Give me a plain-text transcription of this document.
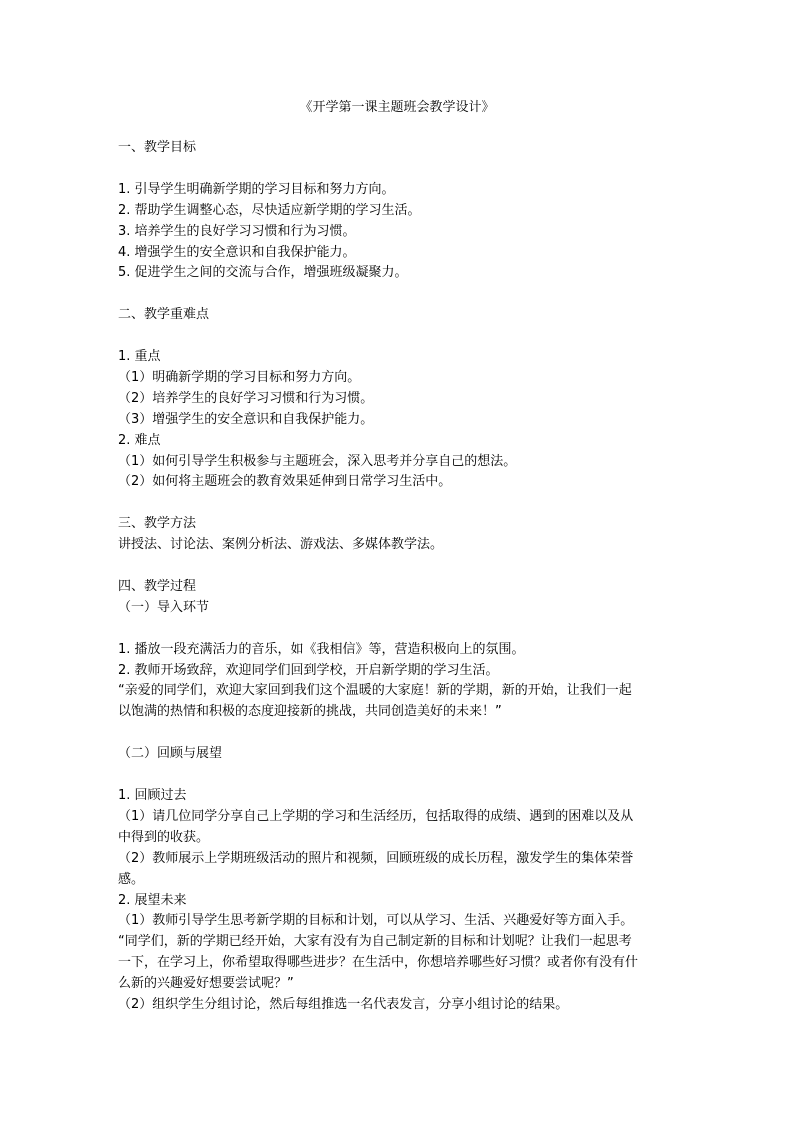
《开学第一课主题班会教学设计》
一、教学目标
1. 引导学生明确新学期的学习目标和努力方向。
2. 帮助学生调整心态，尽快适应新学期的学习生活。
3. 培养学生的良好学习习惯和行为习惯。
4. 增强学生的安全意识和自我保护能力。
5. 促进学生之间的交流与合作，增强班级凝聚力。
二、教学重难点
1. 重点
（1）明确新学期的学习目标和努力方向。
（2）培养学生的良好学习习惯和行为习惯。
（3）增强学生的安全意识和自我保护能力。
2. 难点
（1）如何引导学生积极参与主题班会，深入思考并分享自己的想法。
（2）如何将主题班会的教育效果延伸到日常学习生活中。
三、教学方法
讲授法、讨论法、案例分析法、游戏法、多媒体教学法。
四、教学过程
（一）导入环节
1. 播放一段充满活力的音乐，如《我相信》等，营造积极向上的氛围。
2. 教师开场致辞，欢迎同学们回到学校，开启新学期的学习生活。
“亲爱的同学们，欢迎大家回到我们这个温暖的大家庭！新的学期，新的开始，让我们一起
以饱满的热情和积极的态度迎接新的挑战，共同创造美好的未来！”
（二）回顾与展望
1. 回顾过去
（1）请几位同学分享自己上学期的学习和生活经历，包括取得的成绩、遇到的困难以及从
中得到的收获。
（2）教师展示上学期班级活动的照片和视频，回顾班级的成长历程，激发学生的集体荣誉
感。
2. 展望未来
（1）教师引导学生思考新学期的目标和计划，可以从学习、生活、兴趣爱好等方面入手。
“同学们，新的学期已经开始，大家有没有为自己制定新的目标和计划呢？让我们一起思考
一下，在学习上，你希望取得哪些进步？在生活中，你想培养哪些好习惯？或者你有没有什
么新的兴趣爱好想要尝试呢？”
（2）组织学生分组讨论，然后每组推选一名代表发言，分享小组讨论的结果。
